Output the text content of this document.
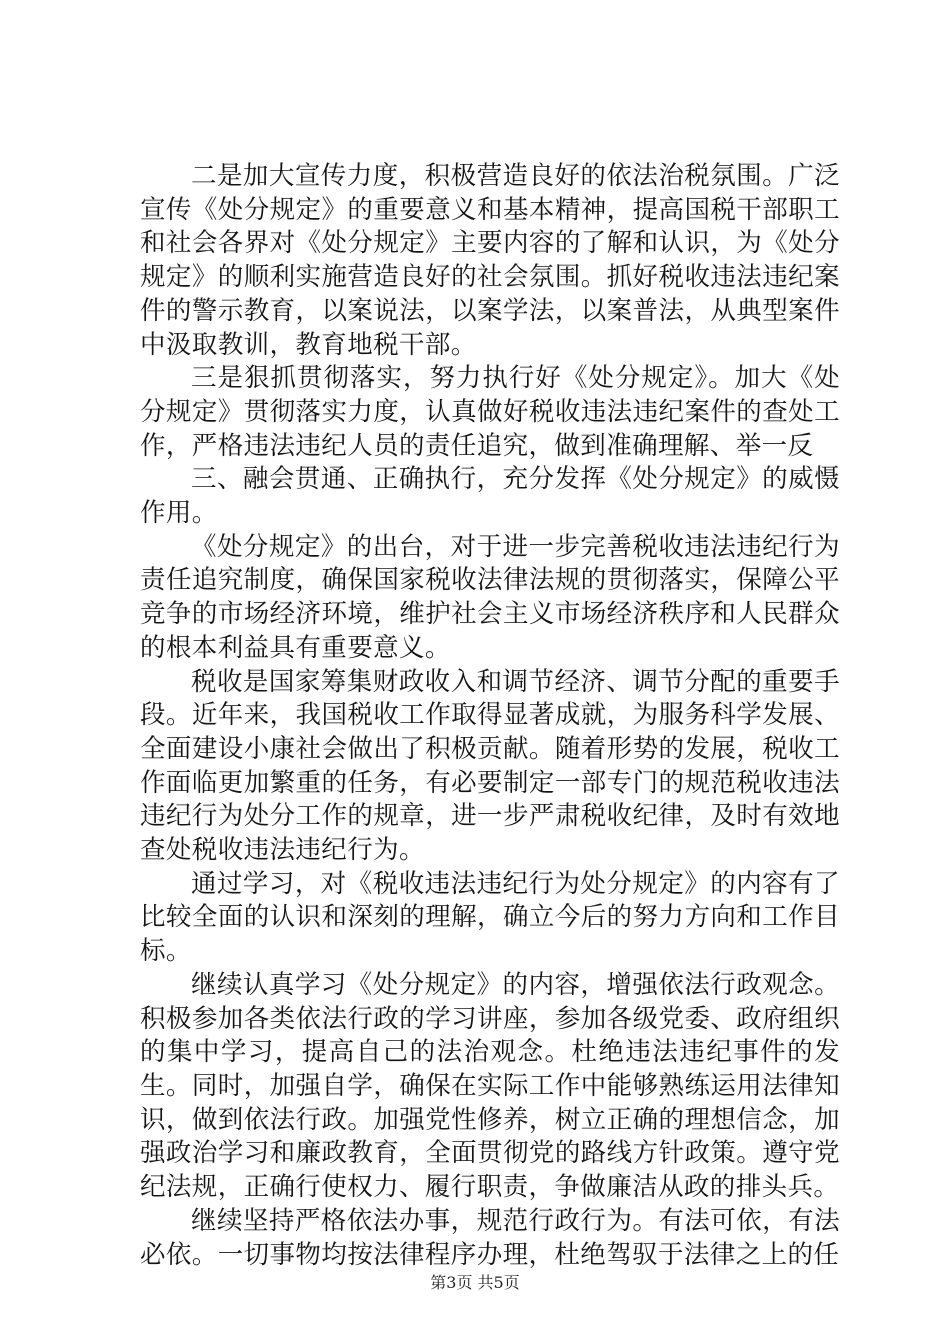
二是加大宣传力度，积极营造良好的依法治税氛围。广泛宣传《处分规定》的重要意义和基本精神，提高国税干部职工和社会各界对《处分规定》主要内容的了解和认识，为《处分规定》的顺利实施营造良好的社会氛围。抓好税收违法违纪案件的警示教育，以案说法，以案学法，以案普法，从典型案件中汲取教训，教育地税干部。

三是狠抓贯彻落实，努力执行好《处分规定》。加大《处分规定》贯彻落实力度，认真做好税收违法违纪案件的查处工作，严格违法违纪人员的责任追究，做到准确理解、举一反

三、融会贯通、正确执行，充分发挥《处分规定》的威慑作用。

《处分规定》的出台，对于进一步完善税收违法违纪行为责任追究制度，确保国家税收法律法规的贯彻落实，保障公平竞争的市场经济环境，维护社会主义市场经济秩序和人民群众的根本利益具有重要意义。

税收是国家筹集财政收入和调节经济、调节分配的重要手段。近年来，我国税收工作取得显著成就，为服务科学发展、全面建设小康社会做出了积极贡献。随着形势的发展，税收工作面临更加繁重的任务，有必要制定一部专门的规范税收违法违纪行为处分工作的规章，进一步严肃税收纪律，及时有效地查处税收违法违纪行为。

通过学习，对《税收违法违纪行为处分规定》的内容有了比较全面的认识和深刻的理解，确立今后的努力方向和工作目标。

继续认真学习《处分规定》的内容，增强依法行政观念。积极参加各类依法行政的学习讲座，参加各级党委、政府组织的集中学习，提高自己的法治观念。杜绝违法违纪事件的发生。同时，加强自学，确保在实际工作中能够熟练运用法律知识，做到依法行政。加强党性修养，树立正确的理想信念，加强政治学习和廉政教育，全面贯彻党的路线方针政策。遵守党纪法规，正确行使权力、履行职责，争做廉洁从政的排头兵。

继续坚持严格依法办事，规范行政行为。有法可依，有法必依。一切事物均按法律程序办理，杜绝驾驭于法律之上的任

第3页 共5页
